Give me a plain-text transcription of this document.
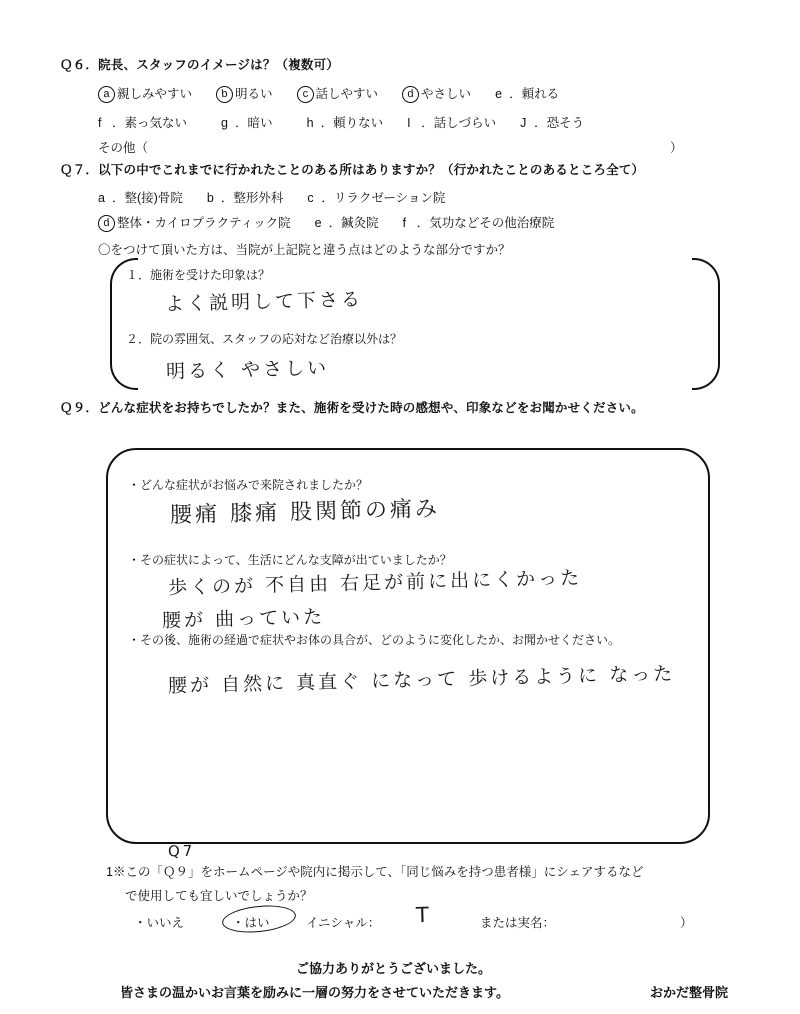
Ｑ６．院長、スタッフのイメージは？（複数可）
a 親しみやすい	b 明るい	c 話しやすい	d やさしい e ．頼れる
f ．素っ気ない	g ．暗い	h ．頼りない I ．話しづらい J ．恐そう
その他（	）
Ｑ７．以下の中でこれまでに行かれたことのある所はありますか？（行かれたことのあるところ全て）
a ．整(接)骨院 b ．整形外科 c ．リラクゼーション院
d 整体・カイロプラクティック院 e ．鍼灸院 f ．気功などその他治療院
〇をつけて頂いた方は、当院が上記院と違う点はどのような部分ですか？
１．施術を受けた印象は？
よく説明して下さる
２．院の雰囲気、スタッフの応対など治療以外は？
明るく やさしい
Ｑ９．どんな症状をお持ちでしたか？また、施術を受けた時の感想や、印象などをお聞かせください。
・どんな症状がお悩みで来院されましたか？
腰痛 膝痛 股関節の痛み
・その症状によって、生活にどんな支障が出ていましたか？
歩くのが 不自由 右足が前に出にくかった
腰が 曲っていた
・その後、施術の経過で症状やお体の具合が、どのように変化したか、お聞かせください。
腰が 自然に 真直ぐ になって 歩けるように なった
Q7
1※この「Ｑ９」をホームページや院内に掲示して、「同じ悩みを持つ患者様」にシェアするなど
で使用しても宜しいでしょうか？
・いいえ	・はい	イニシャル： T	または実名：	）
ご協力ありがとうございました。
皆さまの温かいお言葉を励みに一層の努力をさせていただきます。	おかだ整骨院
